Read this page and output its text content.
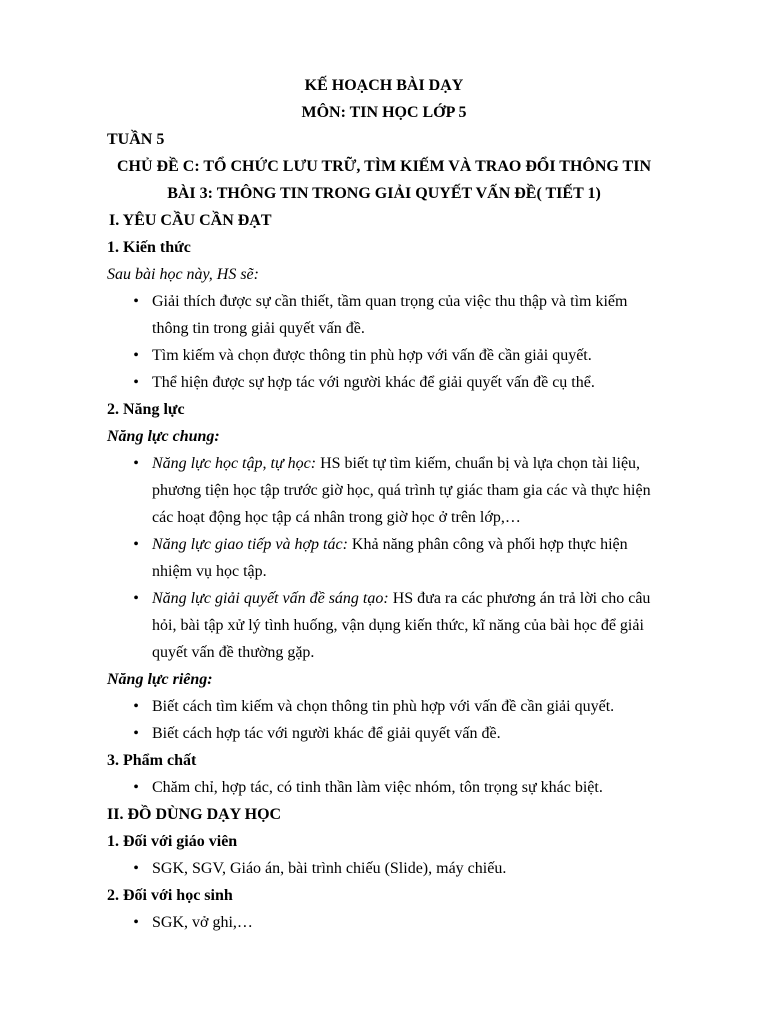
KẾ HOẠCH BÀI DẠY
MÔN: TIN HỌC LỚP 5
TUẦN 5
CHỦ ĐỀ C: TỔ CHỨC LƯU TRỮ, TÌM KIẾM VÀ TRAO ĐỔI THÔNG TIN
BÀI 3: THÔNG TIN TRONG GIẢI QUYẾT VẤN ĐỀ( TIẾT 1)
I. YÊU CẦU CẦN ĐẠT
1. Kiến thức
Sau bài học này, HS sẽ:
• Giải thích được sự cần thiết, tầm quan trọng của việc thu thập và tìm kiếm
thông tin trong giải quyết vấn đề.
• Tìm kiếm và chọn được thông tin phù hợp với vấn đề cần giải quyết.
• Thể hiện được sự hợp tác với người khác để giải quyết vấn đề cụ thể.
2. Năng lực
Năng lực chung:
• Năng lực học tập, tự học: HS biết tự tìm kiếm, chuẩn bị và lựa chọn tài liệu,
phương tiện học tập trước giờ học, quá trình tự giác tham gia các và thực hiện
các hoạt động học tập cá nhân trong giờ học ở trên lớp,…
• Năng lực giao tiếp và hợp tác: Khả năng phân công và phối hợp thực hiện
nhiệm vụ học tập.
• Năng lực giải quyết vấn đề sáng tạo: HS đưa ra các phương án trả lời cho câu
hỏi, bài tập xử lý tình huống, vận dụng kiến thức, kĩ năng của bài học để giải
quyết vấn đề thường gặp.
Năng lực riêng:
• Biết cách tìm kiếm và chọn thông tin phù hợp với vấn đề cần giải quyết.
• Biết cách hợp tác với người khác để giải quyết vấn đề.
3. Phẩm chất
• Chăm chỉ, hợp tác, có tinh thần làm việc nhóm, tôn trọng sự khác biệt.
II. ĐỒ DÙNG DẠY HỌC
1. Đối với giáo viên
• SGK, SGV, Giáo án, bài trình chiếu (Slide), máy chiếu.
2. Đối với học sinh
• SGK, vở ghi,…
